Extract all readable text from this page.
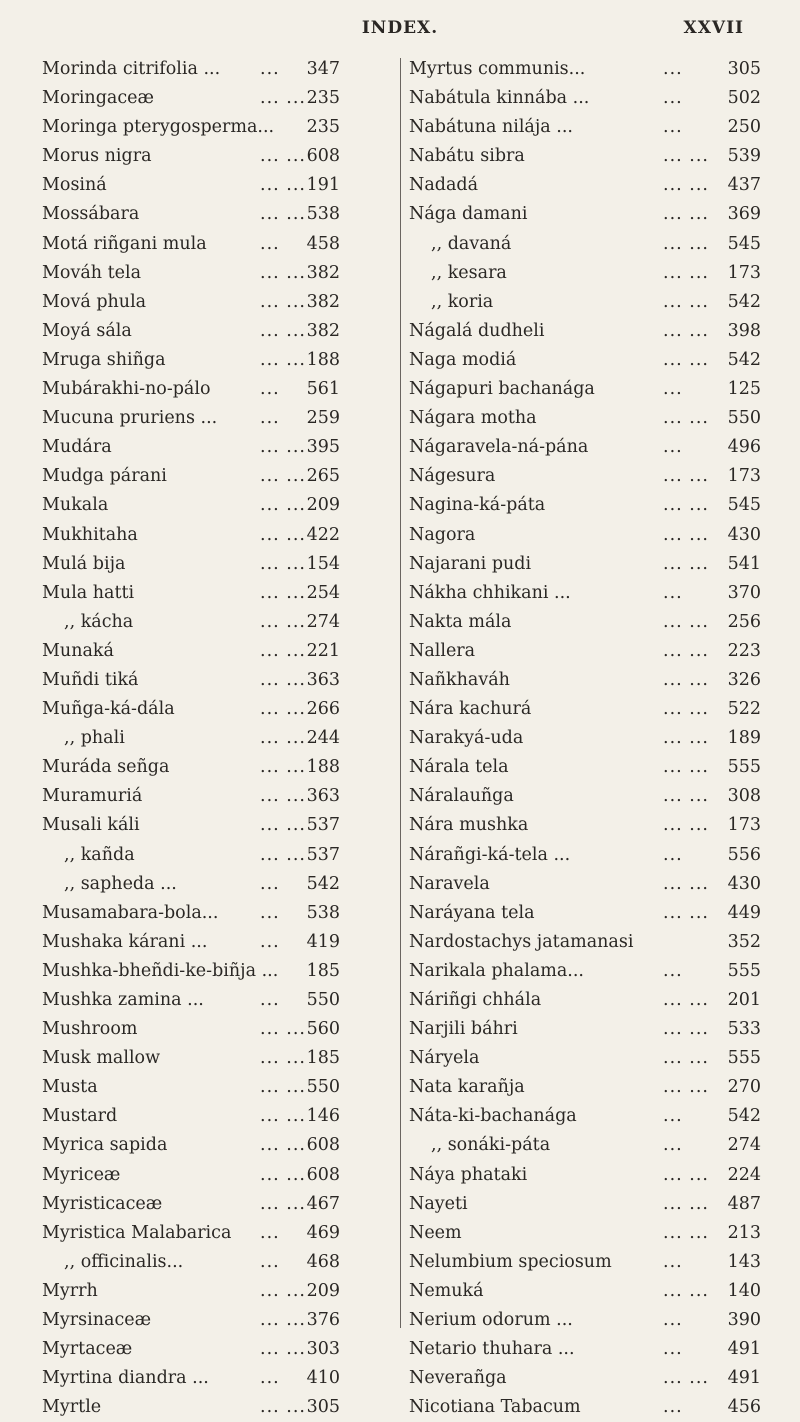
INDEX.	XXVII
Morinda citrifolia ... ... 347
Moringaceæ	... ... 235
Moringa pterygosperma... 235
Morus nigra	... ... 608
Mosiná	... ... 191
Mossábara	... ... 538
Motá riñgani mula	... 458
Mováh tela	... ... 382
Mová phula	... ... 382
Moyá sála	... ... 382
Mruga shiñga	... ... 188
Mubárakhi-no-pálo	... 561
Mucuna pruriens ... ... 259
Mudára	... ... 395
Mudga párani	... ... 265
Mukala	... ... 209
Mukhitaha	... ... 422
Mulá bija	... ... 154
Mula hatti	... ... 254
,, kácha	... ... 274
Munaká	... ... 221
Muñdi tiká	... ... 363
Muñga-ká-dála	... ... 266
,, phali	... ... 244
Muráda señga	... ... 188
Muramuriá	... ... 363
Musali káli	... ... 537
,, kañda	... ... 537
,, sapheda ...	... 542
Musamabara-bola... ... 538
Mushaka kárani ...	... 419
Mushka-bheñdi-ke-biñja ... 185
Mushka zamina ...	... 550
Mushroom	... ... 560
Musk mallow	... ... 185
Musta	... ... 550
Mustard	... ... 146
Myrica sapida	... ... 608
Myriceæ	... ... 608
Myristicaceæ	... ... 467
Myristica Malabarica ... 469
,, officinalis...	... 468
Myrrh	... ... 209
Myrsinaceæ	... ... 376
Myrtaceæ	... ... 303
Myrtina diandra ...	... 410
Myrtle	... ... 305
Myrtus communis...	...	305
Nabátula kinnába ...	...	502
Nabátuna nilája ...	...	250
Nabátu sibra	... ... 539
Nadadá	... ... 437
Nága damani	... ... 369
,, davaná	... ... 545
,, kesara	... ... 173
,, koria	... ... 542
Nágalá dudheli	... ... 398
Naga modiá	... ... 542
Nágapuri bachanága	...	125
Nágara motha	... ... 550
Nágaravela-ná-pána	...	496
Nágesura	... ... 173
Nagina-ká-páta	... ... 545
Nagora	... ... 430
Najarani pudi	... ... 541
Nákha chhikani ...	...	370
Nakta mála	... ... 256
Nallera	... ... 223
Nañkhaváh	... ... 326
Nára kachurá	... ... 522
Narakyá-uda	... ... 189
Nárala tela	... ... 555
Náralauñga	... ... 308
Nára mushka	... ... 173
Nárañgi-ká-tela ...	...	556
Naravela	... ... 430
Naráyana tela	... ... 449
Nardostachys jatamanasi	352
Narikala phalama...	...	555
Náriñgi chhála	... ... 201
Narjili báhri	... ... 533
Náryela	... ... 555
Nata karañja	... ... 270
Náta-ki-bachanága	...	542
,, sonáki-páta	...	274
Náya phataki	... ... 224
Nayeti	... ... 487
Neem	... ... 213
Nelumbium speciosum	...	143
Nemuká	... ... 140
Nerium odorum ...	...	390
Netario thuhara ...	...	491
Neverañga	... ... 491
Nicotiana Tabacum	...	456
